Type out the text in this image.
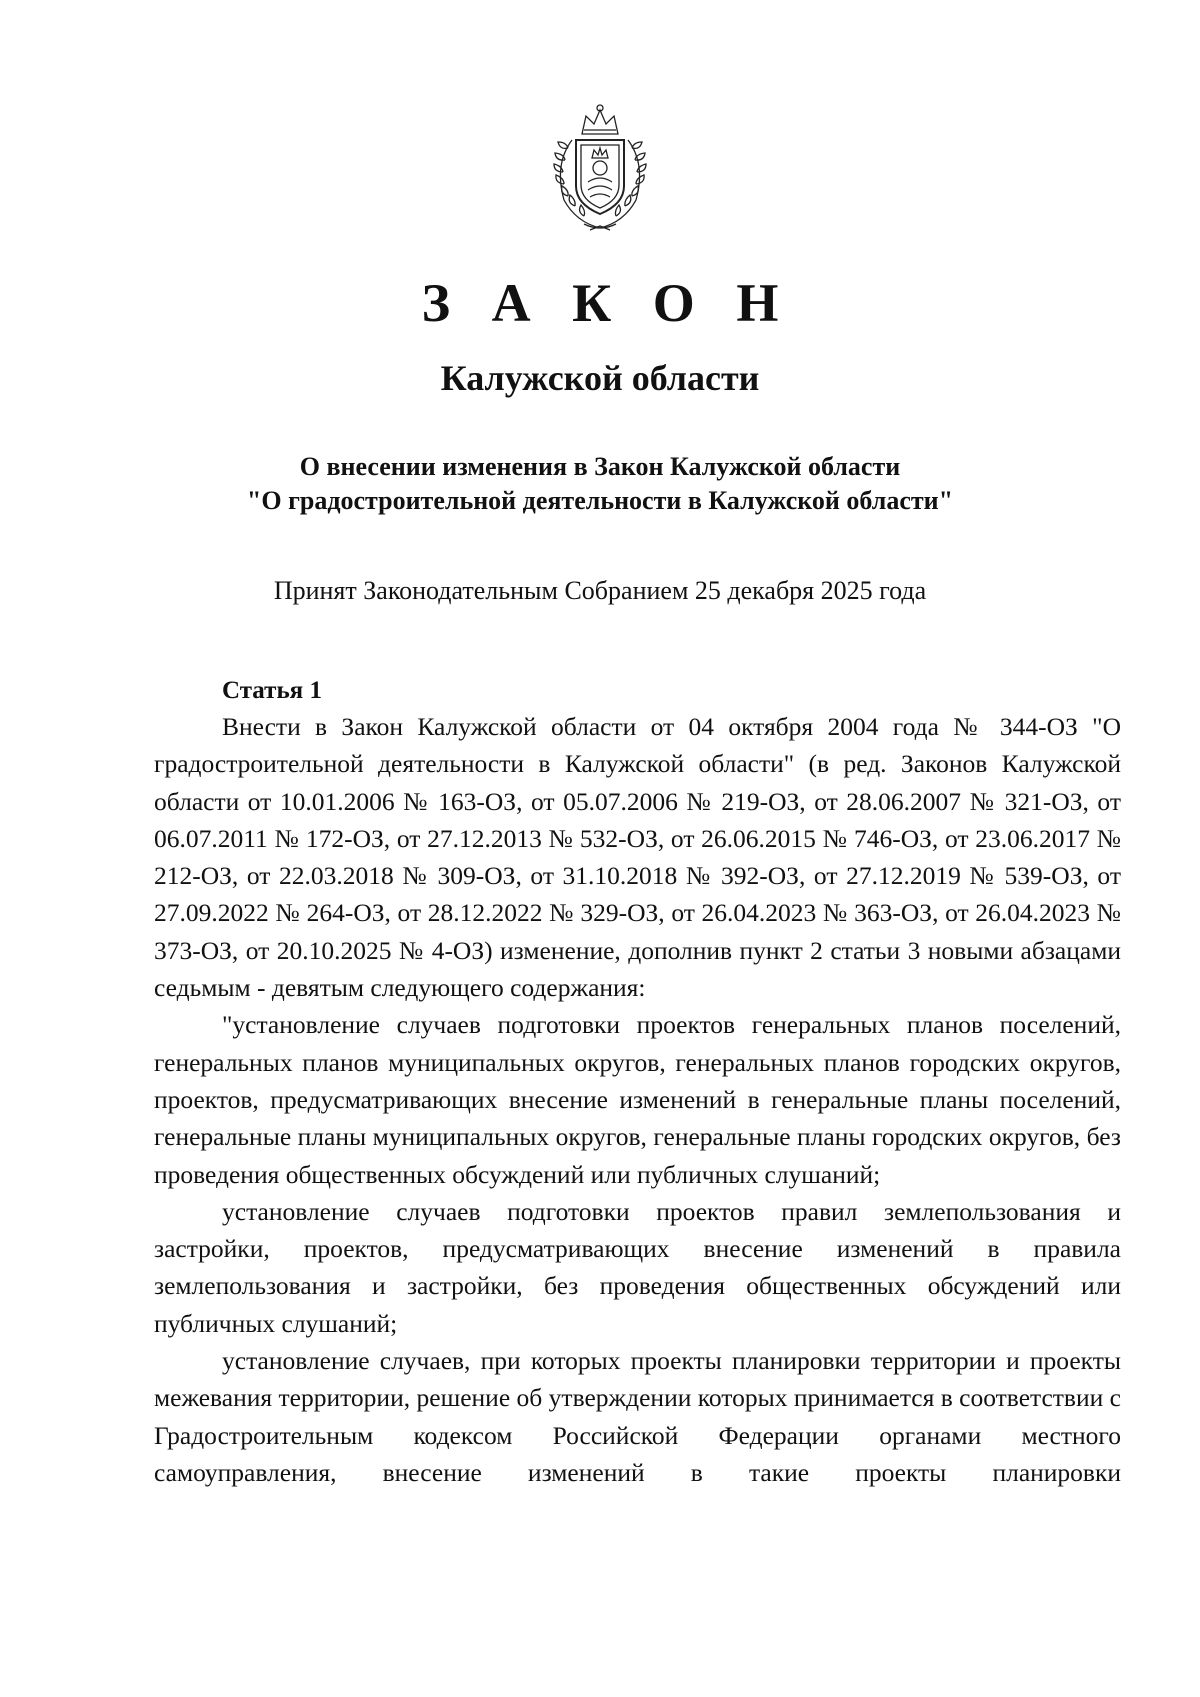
З А К О Н
Калужской области
О внесении изменения в Закон Калужской области
"О градостроительной деятельности в Калужской области"
Принят Законодательным Собранием 25 декабря 2025 года
Статья 1

Внести в Закон Калужской области от 04 октября 2004 года № 344-ОЗ "О градостроительной деятельности в Калужской области" (в ред. Законов Калужской области от 10.01.2006 № 163-ОЗ, от 05.07.2006 № 219-ОЗ, от 28.06.2007 № 321-ОЗ, от 06.07.2011 № 172-ОЗ, от 27.12.2013 № 532-ОЗ, от 26.06.2015 № 746-ОЗ, от 23.06.2017 № 212-ОЗ, от 22.03.2018 № 309-ОЗ, от 31.10.2018 № 392-ОЗ, от 27.12.2019 № 539-ОЗ, от 27.09.2022 № 264-ОЗ, от 28.12.2022 № 329-ОЗ, от 26.04.2023 № 363-ОЗ, от 26.04.2023 № 373-ОЗ, от 20.10.2025 № 4-ОЗ) изменение, дополнив пункт 2 статьи 3 новыми абзацами седьмым - девятым следующего содержания:

"установление случаев подготовки проектов генеральных планов поселений, генеральных планов муниципальных округов, генеральных планов городских округов, проектов, предусматривающих внесение изменений в генеральные планы поселений, генеральные планы муниципальных округов, генеральные планы городских округов, без проведения общественных обсуждений или публичных слушаний;

установление случаев подготовки проектов правил землепользования и застройки, проектов, предусматривающих внесение изменений в правила землепользования и застройки, без проведения общественных обсуждений или публичных слушаний;

установление случаев, при которых проекты планировки территории и проекты межевания территории, решение об утверждении которых принимается в соответствии с Градостроительным кодексом Российской Федерации органами местного самоуправления, внесение изменений в такие проекты планировки
